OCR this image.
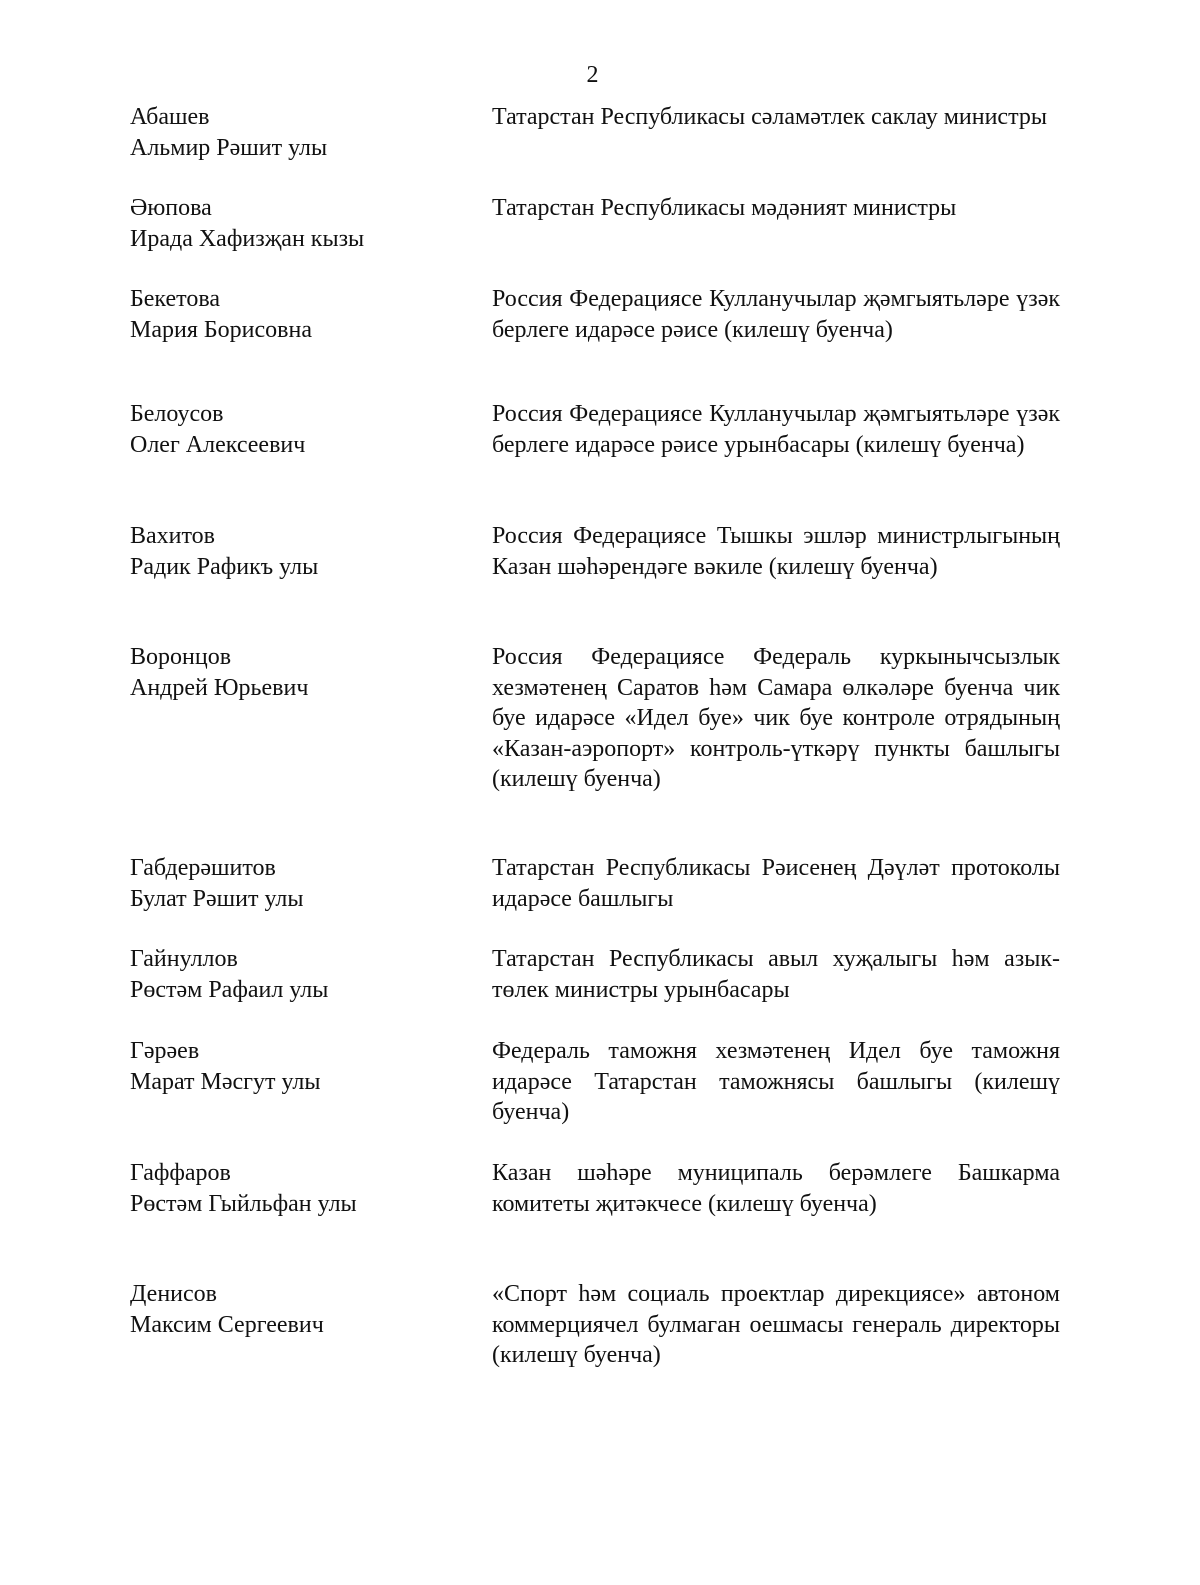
2
Абашев
Альмир Рәшит улы
Татарстан Республикасы сәламәтлек саклау министры
Әюпова
Ирада Хафизҗан кызы
Татарстан Республикасы мәдәният министры
Бекетова
Мария Борисовна
Россия Федерациясе Кулланучылар җәмгыятьләре үзәк берлеге идарәсе рәисе (килешү буенча)
Белоусов
Олег Алексеевич
Россия Федерациясе Кулланучылар җәмгыятьләре үзәк берлеге идарәсе рәисе урынбасары (килешү буенча)
Вахитов
Радик Рафикъ улы
Россия Федерациясе Тышкы эшләр министрлыгының Казан шәһәрендәге вәкиле (килешү буенча)
Воронцов
Андрей Юрьевич
Россия Федерациясе Федераль куркынычсызлык хезмәтенең Саратов һәм Самара өлкәләре буенча чик буе идарәсе «Идел буе» чик буе контроле отрядының «Казан-аэропорт» контроль-үткәрү пункты башлыгы (килешү буенча)
Габдерәшитов
Булат Рәшит улы
Татарстан Республикасы Рәисенең Дәүләт протоколы идарәсе башлыгы
Гайнуллов
Рөстәм Рафаил улы
Татарстан Республикасы авыл хуҗалыгы һәм азык-төлек министры урынбасары
Гәрәев
Марат Мәсгут улы
Федераль таможня хезмәтенең Идел буе таможня идарәсе Татарстан таможнясы башлыгы (килешү буенча)
Гаффаров
Рөстәм Гыйльфан улы
Казан шәһәре муниципаль берәмлеге Башкарма комитеты җитәкчесе (килешү буенча)
Денисов
Максим Сергеевич
«Спорт һәм социаль проектлар дирекциясе» автоном коммерциячел булмаган оешмасы генераль директоры (килешү буенча)
